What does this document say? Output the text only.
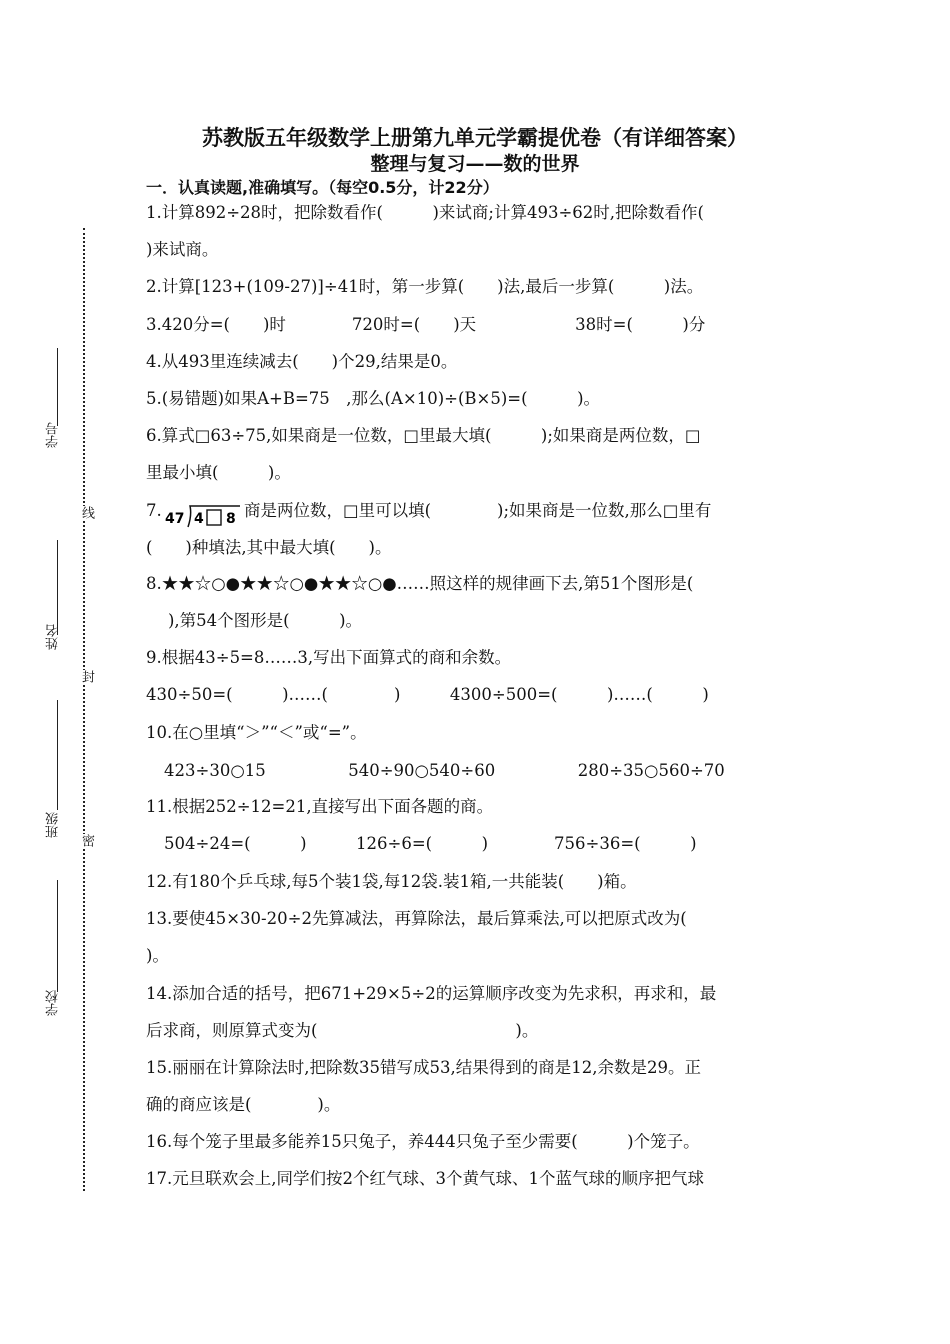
苏教版五年级数学上册第九单元学霸提优卷（有详细答案）
整理与复习——数的世界
一．认真读题,准确填写。（每空0.5分，计22分）
学号
姓名
班级
学校
线
封
密
1.计算892÷28时，把除数看作(　　　)来试商;计算493÷62时,把除数看作(
)来试商。
2.计算[123+(109-27)]÷41时，第一步算(　　)法,最后一步算(　　　)法。
3.420分=(　　)时　　　　720时=(　　)天　　　　　　38时=(　　　)分
4.从493里连续减去(　　)个29,结果是0。
5.(易错题)如果A+B=75　,那么(A×10)÷(B×5)=(　　　)。
6.算式□63÷75,如果商是一位数，□里最大填(　　　);如果商是两位数，□
里最小填(　　　)。
7. 47 4 8 商是两位数，□里可以填(　　　　);如果商是一位数,那么□里有
(　　)种填法,其中最大填(　　)。
8.★★☆○●★★☆○●★★☆○●……照这样的规律画下去,第51个图形是(
),第54个图形是(　　　)。
9.根据43÷5=8……3,写出下面算式的商和余数。
430÷50=(　　　)……(　　　　)　　　4300÷500=(　　　)……(　　　)
10.在○里填“＞”“＜”或“=”。
423÷30○15　　　　　540÷90○540÷60　　　　　280÷35○560÷70
11.根据252÷12=21,直接写出下面各题的商。
504÷24=(　　　)　　　126÷6=(　　　)　　　　756÷36=(　　　)
12.有180个乒乓球,每5个装1袋,每12袋.装1箱,一共能装(　　)箱。
13.要使45×30-20÷2先算减法，再算除法，最后算乘法,可以把原式改为(
)。
14.添加合适的括号，把671+29×5÷2的运算顺序改变为先求积，再求和，最
后求商，则原算式变为(　　　　　　　　　　　　)。
15.丽丽在计算除法时,把除数35错写成53,结果得到的商是12,余数是29。正
确的商应该是(　　　　)。
16.每个笼子里最多能养15只兔子，养444只兔子至少需要(　　　)个笼子。
17.元旦联欢会上,同学们按2个红气球、3个黄气球、1个蓝气球的顺序把气球
